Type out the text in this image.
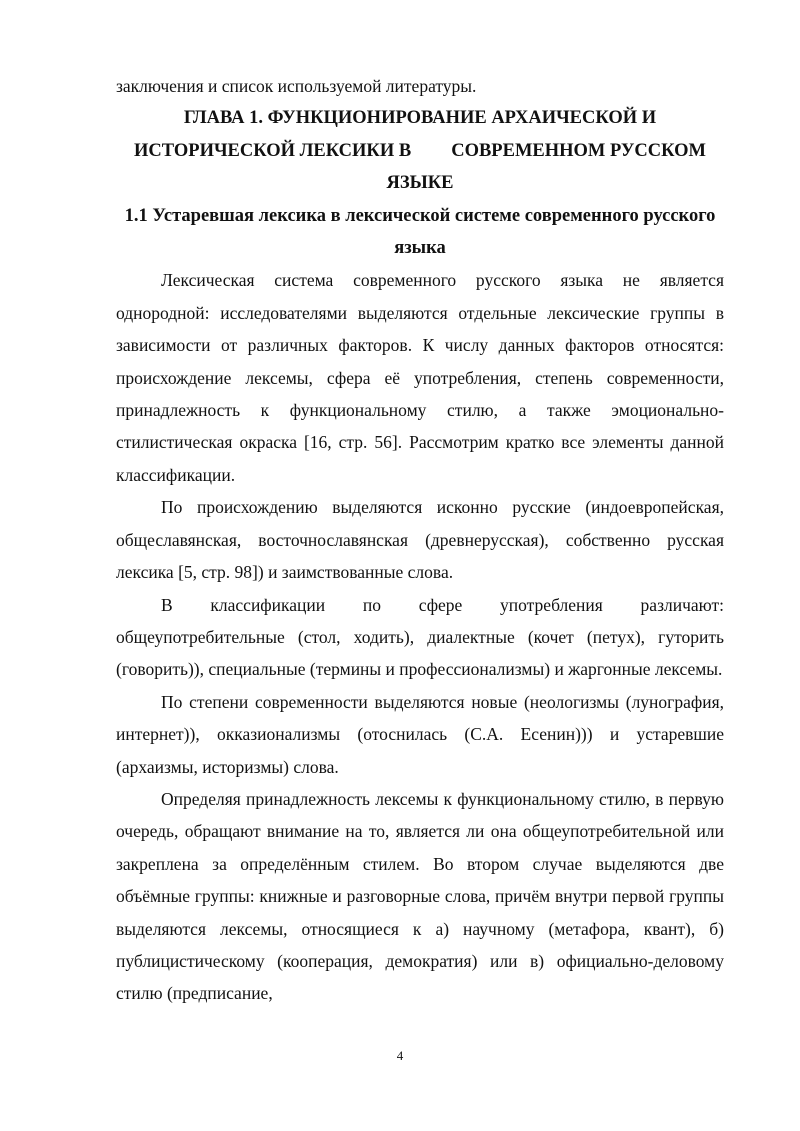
заключения и список используемой литературы.

ГЛАВА 1. ФУНКЦИОНИРОВАНИЕ АРХАИЧЕСКОЙ И

ИСТОРИЧЕСКОЙ ЛЕКСИКИ В СОВРЕМЕННОМ РУССКОМ

ЯЗЫКЕ

1.1 Устаревшая лексика в лексической системе современного русского языка

Лексическая система современного русского языка не является однородной: исследователями выделяются отдельные лексические группы в зависимости от различных факторов. К числу данных факторов относятся: происхождение лексемы, сфера её употребления, степень современности, принадлежность к функциональному стилю, а также эмоционально- стилистическая окраска [16, стр. 56]. Рассмотрим кратко все элементы данной классификации.

По происхождению выделяются исконно русские (индоевропейская, общеславянская, восточнославянская (древнерусская), собственно русская лексика [5, стр. 98]) и заимствованные слова.

В классификации по сфере употребления различают: общеупотребительные (стол, ходить), диалектные (кочет (петух), гуторить (говорить)), специальные (термины и профессионализмы) и жаргонные лексемы.

По степени современности выделяются новые (неологизмы (лунография, интернет)), окказионализмы (отоснилась (С.А. Есенин))) и устаревшие (архаизмы, историзмы) слова.

Определяя принадлежность лексемы к функциональному стилю, в первую очередь, обращают внимание на то, является ли она общеупотребительной или закреплена за определённым стилем. Во втором случае выделяются две объёмные группы: книжные и разговорные слова, причём внутри первой группы выделяются лексемы, относящиеся к а) научному (метафора, квант), б) публицистическому (кооперация, демократия) или в) официально-деловому стилю (предписание,

4
